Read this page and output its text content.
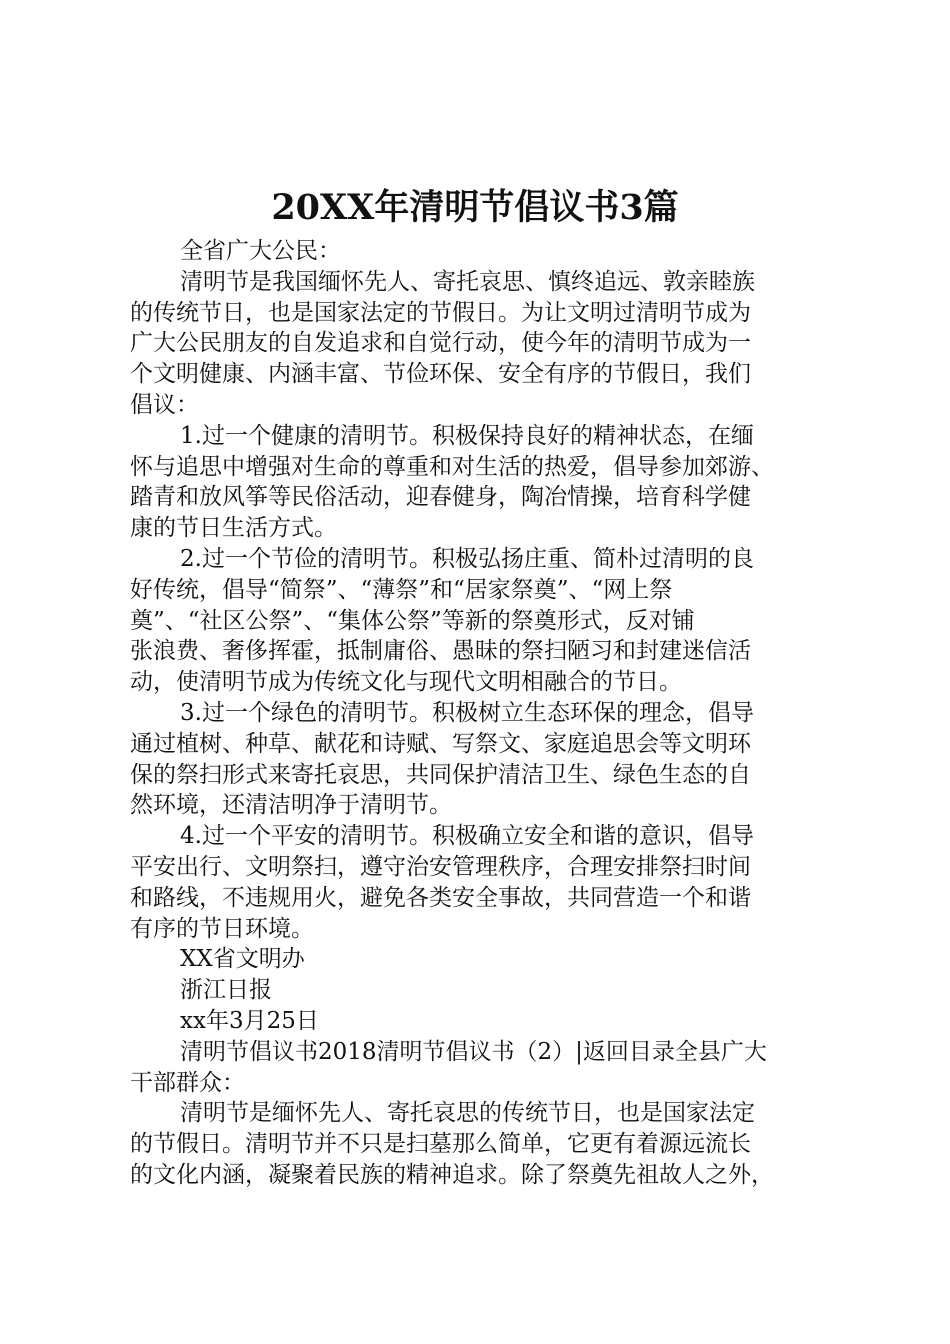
20XX年清明节倡议书3篇
全省广大公民：
清明节是我国缅怀先人、寄托哀思、慎终追远、敦亲睦族
的传统节日，也是国家法定的节假日。为让文明过清明节成为
广大公民朋友的自发追求和自觉行动，使今年的清明节成为一
个文明健康、内涵丰富、节俭环保、安全有序的节假日，我们
倡议：
1.过一个健康的清明节。积极保持良好的精神状态，在缅
怀与追思中增强对生命的尊重和对生活的热爱，倡导参加郊游、
踏青和放风筝等民俗活动，迎春健身，陶冶情操，培育科学健
康的节日生活方式。
2.过一个节俭的清明节。积极弘扬庄重、简朴过清明的良
好传统，倡导“简祭”、“薄祭”和“居家祭奠”、“网上祭
奠”、“社区公祭”、“集体公祭”等新的祭奠形式，反对铺
张浪费、奢侈挥霍，抵制庸俗、愚昧的祭扫陋习和封建迷信活
动，使清明节成为传统文化与现代文明相融合的节日。
3.过一个绿色的清明节。积极树立生态环保的理念，倡导
通过植树、种草、献花和诗赋、写祭文、家庭追思会等文明环
保的祭扫形式来寄托哀思，共同保护清洁卫生、绿色生态的自
然环境，还清洁明净于清明节。
4.过一个平安的清明节。积极确立安全和谐的意识，倡导
平安出行、文明祭扫，遵守治安管理秩序，合理安排祭扫时间
和路线，不违规用火，避免各类安全事故，共同营造一个和谐
有序的节日环境。
XX省文明办
浙江日报
xx年3月25日
清明节倡议书2018清明节倡议书（2）|返回目录全县广大
干部群众：
清明节是缅怀先人、寄托哀思的传统节日，也是国家法定
的节假日。清明节并不只是扫墓那么简单，它更有着源远流长
的文化内涵，凝聚着民族的精神追求。除了祭奠先祖故人之外，
